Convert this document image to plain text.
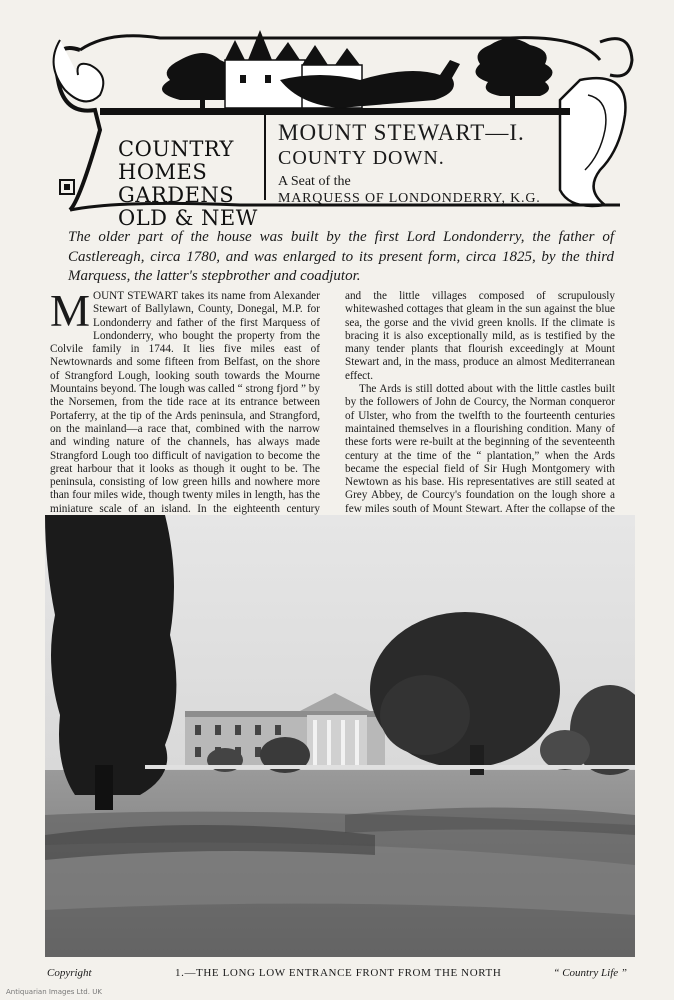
COUNTRY
HOMES
GARDENS
OLD & NEW
MOUNT STEWART—I.
COUNTY DOWN.
A Seat of the
MARQUESS OF LONDONDERRY, K.G.
The older part of the house was built by the first Lord Londonderry, the father of Castlereagh, circa 1780, and was enlarged to its present form, circa 1825, by the third Marquess, the latter's stepbrother and coadjutor.

MOUNT STEWART takes its name from Alexander Stewart of Ballylawn, County, Donegal, M.P. for Londonderry and father of the first Marquess of Londonderry, who bought the property from the Colvile family in 1744. It lies five miles east of Newtownards and some fifteen from Belfast, on the shore of Strangford Lough, looking south towards the Mourne Mountains beyond. The lough was called “ strong fjord ” by the Norsemen, from the tide race at its entrance between Portaferry, at the tip of the Ards peninsula, and Strangford, on the mainland—a race that, combined with the narrow and winding nature of the channels, has always made Strangford Lough too difficult of navigation to become the great harbour that it looks as though it ought to be. The peninsula, consisting of low green hills and nowhere more than four miles wide, though twenty miles in length, has the miniature scale of an island. In the eighteenth century

and the little villages composed of scrupulously whitewashed cottages that gleam in the sun against the blue sea, the gorse and the vivid green knolls. If the climate is bracing it is also exceptionally mild, as is testified by the many tender plants that flourish exceedingly at Mount Stewart and, in the mass, produce an almost Mediterranean effect.

The Ards is still dotted about with the little castles built by the followers of John de Courcy, the Norman conqueror of Ulster, who from the twelfth to the fourteenth centuries maintained themselves in a flourishing condition. Many of these forts were re-built at the beginning of the seventeenth century at the time of the “ plantation,” when the Ards became the especial field of Sir Hugh Montgomery with Newtown as his base. His representatives are still seated at Grey Abbey, de Courcy's foundation on the lough shore a few miles south of Mount Stewart. After the collapse of the

Copyright	1.—THE LONG LOW ENTRANCE FRONT FROM THE NORTH	“ Country Life ”
Antiquarian Images Ltd. UK
